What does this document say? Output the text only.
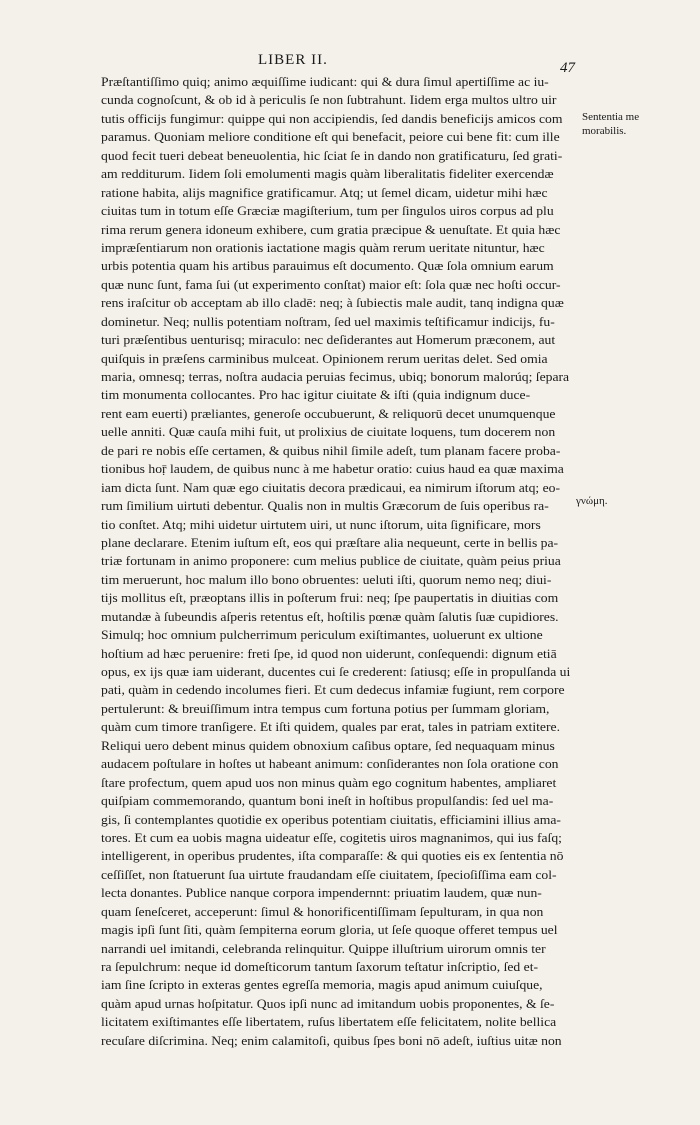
LIBER II.	47
Præſtantiſſimo quiq; animo æquiſſime iudicant: qui & dura ſimul apertiſſime ac iu-
cunda cognoſcunt, & ob id à periculis ſe non ſubtrahunt. Iidem erga multos ultro uir
tutis officijs fungimur: quippe qui non accipiendis, ſed dandis beneficijs amicos com
paramus. Quoniam meliore conditione eſt qui benefacit, peiore cui bene fit: cum ille
quod fecit tueri debeat beneuolentia, hic ſciat ſe in dando non gratificaturu, ſed grati-
am redditurum. Iidem ſoli emolumenti magis quàm liberalitatis fideliter exercendæ
ratione habita, alijs magnifice gratificamur. Atq; ut ſemel dicam, uidetur mihi hæc
ciuitas tum in totum eſſe Græciæ magiſterium, tum per ſingulos uiros corpus ad plu
rima rerum genera idoneum exhibere, cum gratia præcipue & uenuſtate. Et quia hæc
impræſentiarum non orationis iactatione magis quàm rerum ueritate nituntur, hæc
urbis potentia quam his artibus parauimus eſt documento. Quæ ſola omnium earum
quæ nunc ſunt, fama ſui (ut experimento conſtat) maior eſt: ſola quæ nec hoſti occur-
rens iraſcitur ob acceptam ab illo cladē: neq; à ſubiectis male audit, tanq indigna quæ
dominetur. Neq; nullis potentiam noſtram, ſed uel maximis teſtificamur indicijs, fu-
turi præſentibus uenturisq; miraculo: nec deſiderantes aut Homerum præconem, aut
quiſquis in præſens carminibus mulceat. Opinionem rerum ueritas delet. Sed omia
maria, omnesq; terras, noſtra audacia peruias fecimus, ubiq; bonorum malorúq; ſepara
tim monumenta collocantes. Pro hac igitur ciuitate & iſti (quia indignum duce-
rent eam euerti) præliantes, generoſe occubuerunt, & reliquorū decet unumquenque
uelle anniti. Quæ cauſa mihi fuit, ut prolixius de ciuitate loquens, tum docerem non
de pari re nobis eſſe certamen, & quibus nihil ſimile adeſt, tum planam facere proba-
tionibus hoṝ laudem, de quibus nunc à me habetur oratio: cuius haud ea quæ maxima
iam dicta ſunt. Nam quæ ego ciuitatis decora prædicaui, ea nimirum iſtorum atq; eo-
rum ſimilium uirtuti debentur. Qualis non in multis Græcorum de ſuis operibus ra-
tio conſtet. Atq; mihi uidetur uirtutem uiri, ut nunc iſtorum, uita ſignificare, mors
plane declarare. Etenim iuſtum eſt, eos qui præſtare alia nequeunt, certe in bellis pa-
triæ fortunam in animo proponere: cum melius publice de ciuitate, quàm peius priua
tim meruerunt, hoc malum illo bono obruentes: ueluti iſti, quorum nemo neq; diui-
tijs mollitus eſt, præoptans illis in poſterum frui: neq; ſpe paupertatis in diuitias com
mutandæ à ſubeundis aſperis retentus eſt, hoſtilis pœnæ quàm ſalutis ſuæ cupidiores.
Simulq; hoc omnium pulcherrimum periculum exiſtimantes, uoluerunt ex ultione
hoſtium ad hæc peruenire: freti ſpe, id quod non uiderunt, conſequendi: dignum etiā
opus, ex ijs quæ iam uiderant, ducentes cui ſe crederent: ſatiusq; eſſe in propulſanda ui
pati, quàm in cedendo incolumes fieri. Et cum dedecus infamiæ fugiunt, rem corpore
pertulerunt: & breuiſſimum intra tempus cum fortuna potius per ſummam gloriam,
quàm cum timore tranſigere. Et iſti quidem, quales par erat, tales in patriam extitere.
Reliqui uero debent minus quidem obnoxium caſibus optare, ſed nequaquam minus
audacem poſtulare in hoſtes ut habeant animum: conſiderantes non ſola oratione con
ſtare profectum, quem apud uos non minus quàm ego cognitum habentes, ampliaret
quiſpiam commemorando, quantum boni ineſt in hoſtibus propulſandis: ſed uel ma-
gis, ſi contemplantes quotidie ex operibus potentiam ciuitatis, efficiamini illius ama-
tores. Et cum ea uobis magna uideatur eſſe, cogitetis uiros magnanimos, qui ius faſq;
intelligerent, in operibus prudentes, iſta comparaſſe: & qui quoties eis ex ſententia nō
ceſſiſſet, non ſtatuerunt ſua uirtute fraudandam eſſe ciuitatem, ſpecioſiſſima eam col-
lecta donantes. Publice nanque corpora impendernnt: priuatim laudem, quæ nun-
quam ſeneſceret, acceperunt: ſimul & honorificentiſſimam ſepulturam, in qua non
magis ipſi ſunt ſiti, quàm ſempiterna eorum gloria, ut ſeſe quoque offeret tempus uel
narrandi uel imitandi, celebranda relinquitur. Quippe illuſtrium uirorum omnis ter
ra ſepulchrum: neque id domeſticorum tantum ſaxorum teſtatur inſcriptio, ſed et-
iam ſine ſcripto in exteras gentes egreſſa memoria, magis apud animum cuiuſque,
quàm apud urnas hoſpitatur. Quos ipſi nunc ad imitandum uobis proponentes, & ſe-
licitatem exiſtimantes eſſe libertatem, ruſus libertatem eſſe felicitatem, nolite bellica
recuſare diſcrimina. Neq; enim calamitoſi, quibus ſpes boni nō adeſt, iuſtius uitæ non
Sententia me
morabilis.
γνώμη.
